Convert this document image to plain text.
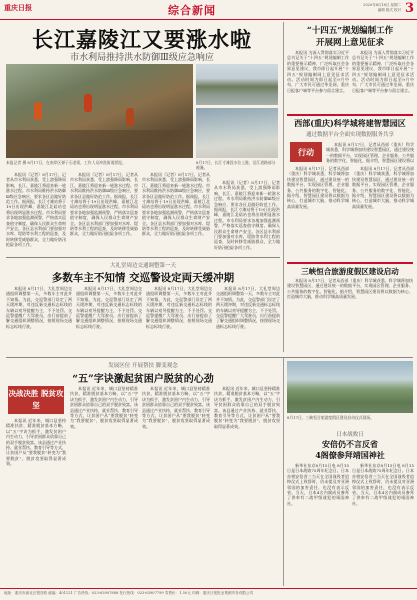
重庆日报	综合新闻	2020年8月18日 星期二
编辑 版式 校对 3
长江嘉陵江又要涨水啦
市水利局推持洪水防御Ⅲ级应急响应
8月17日，长江寸滩段水位上涨，沿江道路部分被淹。
本报记者 摄 8月17日，在南岸区弹子石老街，工作人员冲洗街道淤泥。
本报讯（记者）8月17日，记者从市水利局获悉，受上游强降雨影响，长江、嘉陵江将迎来新一轮涨水过程。市水利局维持洪水防御Ⅲ级应急响应，要求各区县做好防范工作。据预报，长江寸滩站将于19日出现洪峰，嘉陵江北碚站也将出现明显涨水过程。市水利局要求各地加强监测预警，严格落实巡查值守制度，确保人民群众生命财产安全。各区县水利部门要加强对水库、堤防等水利工程的巡查，及时转移受威胁群众，全力做好防汛抢险各项工作。
本报讯（记者）8月17日，记者从市水利局获悉，受上游强降雨影响，长江、嘉陵江将迎来新一轮涨水过程。市水利局维持洪水防御Ⅲ级应急响应，要求各区县做好防范工作。据预报，长江寸滩站将于19日出现洪峰，嘉陵江北碚站也将出现明显涨水过程。市水利局要求各地加强监测预警，严格落实巡查值守制度，确保人民群众生命财产安全。各区县水利部门要加强对水库、堤防等水利工程的巡查，及时转移受威胁群众，全力做好防汛抢险各项工作。
本报讯（记者）8月17日，记者从市水利局获悉，受上游强降雨影响，长江、嘉陵江将迎来新一轮涨水过程。市水利局维持洪水防御Ⅲ级应急响应，要求各区县做好防范工作。据预报，长江寸滩站将于19日出现洪峰，嘉陵江北碚站也将出现明显涨水过程。市水利局要求各地加强监测预警，严格落实巡查值守制度，确保人民群众生命财产安全。各区县水利部门要加强对水库、堤防等水利工程的巡查，及时转移受威胁群众，全力做好防汛抢险各项工作。
本报讯（记者）8月17日，记者从市水利局获悉，受上游强降雨影响，长江、嘉陵江将迎来新一轮涨水过程。市水利局维持洪水防御Ⅲ级应急响应，要求各区县做好防范工作。据预报，长江寸滩站将于19日出现洪峰，嘉陵江北碚站也将出现明显涨水过程。市水利局要求各地加强监测预警，严格落实巡查值守制度，确保人民群众生命财产安全。各区县水利部门要加强对水库、堤防等水利工程的巡查，及时转移受威胁群众，全力做好防汛抢险各项工作。
“十四五”规划编制工作
开展网上意见征求
本报讯 为深入贯彻落实习近平总书记关于“十四五”规划编制工作的重要指示精神，广泛听取社会各界意见建议，我市即日起开展“十四五”规划编制网上意见征求活动。活动时间为即日起至9月中旬，广大市民可通过华龙网、重庆日报客户端等平台参与留言建言。
本报讯 为深入贯彻落实习近平总书记关于“十四五”规划编制工作的重要指示精神，广泛听取社会各界意见建议，我市即日起开展“十四五”规划编制网上意见征求活动。活动时间为即日起至9月中旬，广大市民可通过华龙网、重庆日报客户端等平台参与留言建言。
西部(重庆)科学城将建智慧园区
通过数据平台全面实现数据服务共享
行动
本报讯 8月17日，记者从西部（重庆）科学城获悉，科学城将加快建设智慧园区，通过建设统一的数据平台，实现园区管理、企业服务、公共服务的数字化、智能化。据介绍，智慧园区建设将以
本报讯 8月17日，记者从西部（重庆）科学城获悉，科学城将加快建设智慧园区，通过建设统一的数据平台，实现园区管理、企业服务、公共服务的数字化、智能化。据介绍，智慧园区建设将以数据为核心，打造城市大脑，推动科学城高质量发展。
本报讯 8月17日，记者从西部（重庆）科学城获悉，科学城将加快建设智慧园区，通过建设统一的数据平台，实现园区管理、企业服务、公共服务的数字化、智能化。据介绍，智慧园区建设将以数据为核心，打造城市大脑，推动科学城高质量发展。
大礼堂周边交通调整第一天
多数车主不知情 交巡警设定両天缓冲期
本报讯 8月17日，大礼堂周边交通组织调整第一天，多数车主对此并不知情。为此，交巡警部门设定了两天缓冲期，对违反新交通标志标线的车辆以劝导提醒为主，不予处罚。交巡警提醒广大驾驶员，出行前提前了解交通组织调整情况，按照现场交通标志标线行驶。
本报讯 8月17日，大礼堂周边交通组织调整第一天，多数车主对此并不知情。为此，交巡警部门设定了两天缓冲期，对违反新交通标志标线的车辆以劝导提醒为主，不予处罚。交巡警提醒广大驾驶员，出行前提前了解交通组织调整情况，按照现场交通标志标线行驶。
本报讯 8月17日，大礼堂周边交通组织调整第一天，多数车主对此并不知情。为此，交巡警部门设定了两天缓冲期，对违反新交通标志标线的车辆以劝导提醒为主，不予处罚。交巡警提醒广大驾驶员，出行前提前了解交通组织调整情况，按照现场交通标志标线行驶。
本报讯 8月17日，大礼堂周边交通组织调整第一天，多数车主对此并不知情。为此，交巡警部门设定了两天缓冲期，对违反新交通标志标线的车辆以劝导提醒为主，不予处罚。交巡警提醒广大驾驶员，出行前提前了解交通组织调整情况，按照现场交通标志标线行驶。
三峡恒合旅游度假区建设启动
本报讯 8月17日，记者从西部（重庆）科学城获悉，科学城将加快建设智慧园区，通过建设统一的数据平台，实现园区管理、企业服务、公共服务的数字化、智能化。据介绍，智慧园区建设将以数据为核心，打造城市大脑，推动科学城高质量发展。
发展区位 开展帮扶 脚变观念
“五”字诀激起贫困户脱贫的心劲
决战决胜 脱贫攻坚
本报讯 近年来，城口县坚持精准扶贫、精准脱贫基本方略，以“五”字诀为抓手，激发贫困户内生动力，引导贫困群众依靠自己的双手脱贫致富。该县通过产业扶持、就业帮扶、教育引导等方式，让贫困户从“要我脱贫”转变为“我要脱贫”，脱贫攻坚取得显著成效。
本报讯 近年来，城口县坚持精准扶贫、精准脱贫基本方略，以“五”字诀为抓手，激发贫困户内生动力，引导贫困群众依靠自己的双手脱贫致富。该县通过产业扶持、就业帮扶、教育引导等方式，让贫困户从“要我脱贫”转变为“我要脱贫”，脱贫攻坚取得显著成效。
本报讯 近年来，城口县坚持精准扶贫、精准脱贫基本方略，以“五”字诀为抓手，激发贫困户内生动力，引导贫困群众依靠自己的双手脱贫致富。该县通过产业扶持、就业帮扶、教育引导等方式，让贫困户从“要我脱贫”转变为“我要脱贫”，脱贫攻坚取得显著成效。
本报讯 近年来，城口县坚持精准扶贫、精准脱贫基本方略，以“五”字诀为抓手，激发贫困户内生动力，引导贫困群众依靠自己的双手脱贫致富。该县通过产业扶持、就业帮扶、教育引导等方式，让贫困户从“要我脱贫”转变为“我要脱贫”，脱贫攻坚取得显著成效。
8月17日，三峡恒合旅游度假区建设启动仪式现场。
日本战败日
安倍仍不言反省
4阁僚参拜靖国神社
新华社东京8月15日电 8月15日是日本战败75周年纪念日。日本首相安倍晋三当天在全国战殁者追悼仪式上致辞时，仍未提及对亚洲邻国的加害责任，也没有表示反省。当天，日本4名内阁成员参拜了供奉有二战甲级战犯的靖国神社。
新华社东京8月15日电 8月15日是日本战败75周年纪念日。日本首相安倍晋三当天在全国战殁者追悼仪式上致辞时，仍未提及对亚洲邻国的加害责任，也没有表示反省。当天，日本4名内阁成员参拜了供奉有二战甲级战犯的靖国神社。
地址：重庆市渝北区银杏路 邮编：401121 广告热线：023-63907888 发行热线：023-63907799 零售价：1.50元 印刷：重庆日报报业集团印务有限公司
